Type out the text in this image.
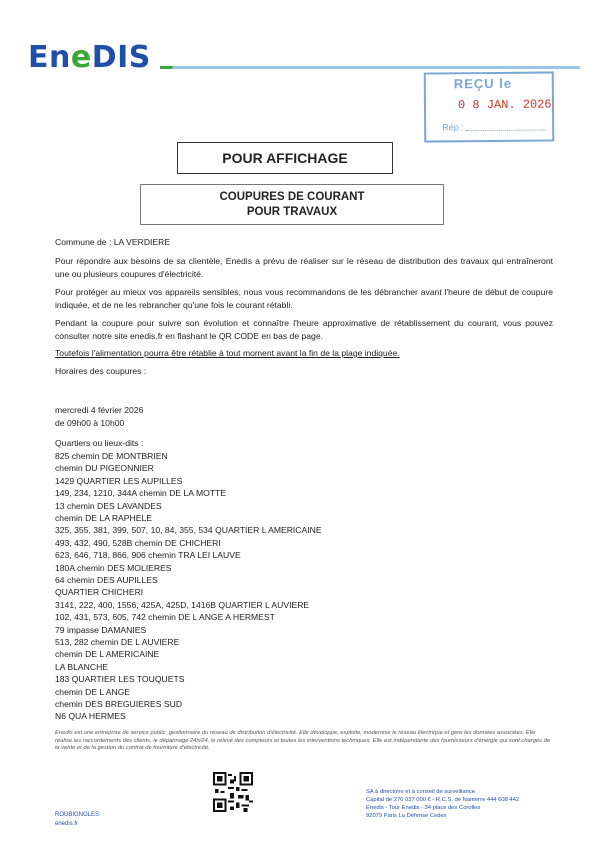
EneDIS
REÇU le
0 8 JAN. 2026
Rép :
POUR AFFICHAGE
COUPURES DE COURANT
POUR TRAVAUX
Commune de : LA VERDIERE
Pour répondre aux besoins de sa clientèle, Enedis a prévu de réaliser sur le réseau de distribution des travaux qui entraîneront une ou plusieurs coupures d'électricité.
Pour protéger au mieux vos appareils sensibles, nous vous recommandons de les débrancher avant l'heure de début de coupure indiquée, et de ne les rebrancher qu'une fois le courant rétabli.
Pendant la coupure pour suivre son évolution et connaître l'heure approximative de rétablissement du courant, vous pouvez consulter notre site enedis.fr en flashant le QR CODE en bas de page.
Toutefois l'alimentation pourra être rétablie à tout moment avant la fin de la plage indiquée.
Horaires des coupures :
mercredi 4 février 2026
de 09h00 à 10h00
Quartiers ou lieux-dits :
825 chemin DE MONTBRIEN
chemin DU PIGEONNIER
1429 QUARTIER LES AUPILLES
149, 234, 1210, 344A chemin DE LA MOTTE
13 chemin DES LAVANDES
chemin DE LA RAPHELE
325, 355, 381, 399, 507, 10, 84, 355, 534 QUARTIER L AMERICAINE
493, 432, 490, 528B chemin DE CHICHERI
623, 646, 718, 866, 906 chemin TRA LEI LAUVE
180A chemin DES MOLIERES
64 chemin DES AUPILLES
QUARTIER CHICHERI
3141, 222, 400, 1556, 425A, 425D, 1416B QUARTIER L AUVIERE
102, 431, 573, 605, 742 chemin DE L ANGE A HERMEST
79 impasse DAMANIES
513, 282 chemin DE L AUVIERE
chemin DE L AMERICAINE
LA BLANCHE
183 QUARTIER LES TOUQUETS
chemin DE L ANGE
chemin DES BREGUIERES SUD
N6 QUA HERMES
Enedis est une entreprise de service public, gestionnaire du réseau de distribution d'électricité. Elle développe, exploite, modernise le réseau électrique et gère les données associées. Elle réalise les raccordements des clients, le dépannage 24h/24, le relevé des compteurs et toutes les interventions techniques. Elle est indépendante des fournisseurs d'énergie qui sont chargés de la vente et de la gestion du contrat de fourniture d'électricité.
ROUBIGNOLES
enedis.fr
SA à directoire et à conseil de surveillance
Capital de 270 037 000 € - R.C.S. de Nanterre 444 608 442
Enedis - Tour Enedis - 34 place des Corolles
92079 Paris La Défense Cedex
